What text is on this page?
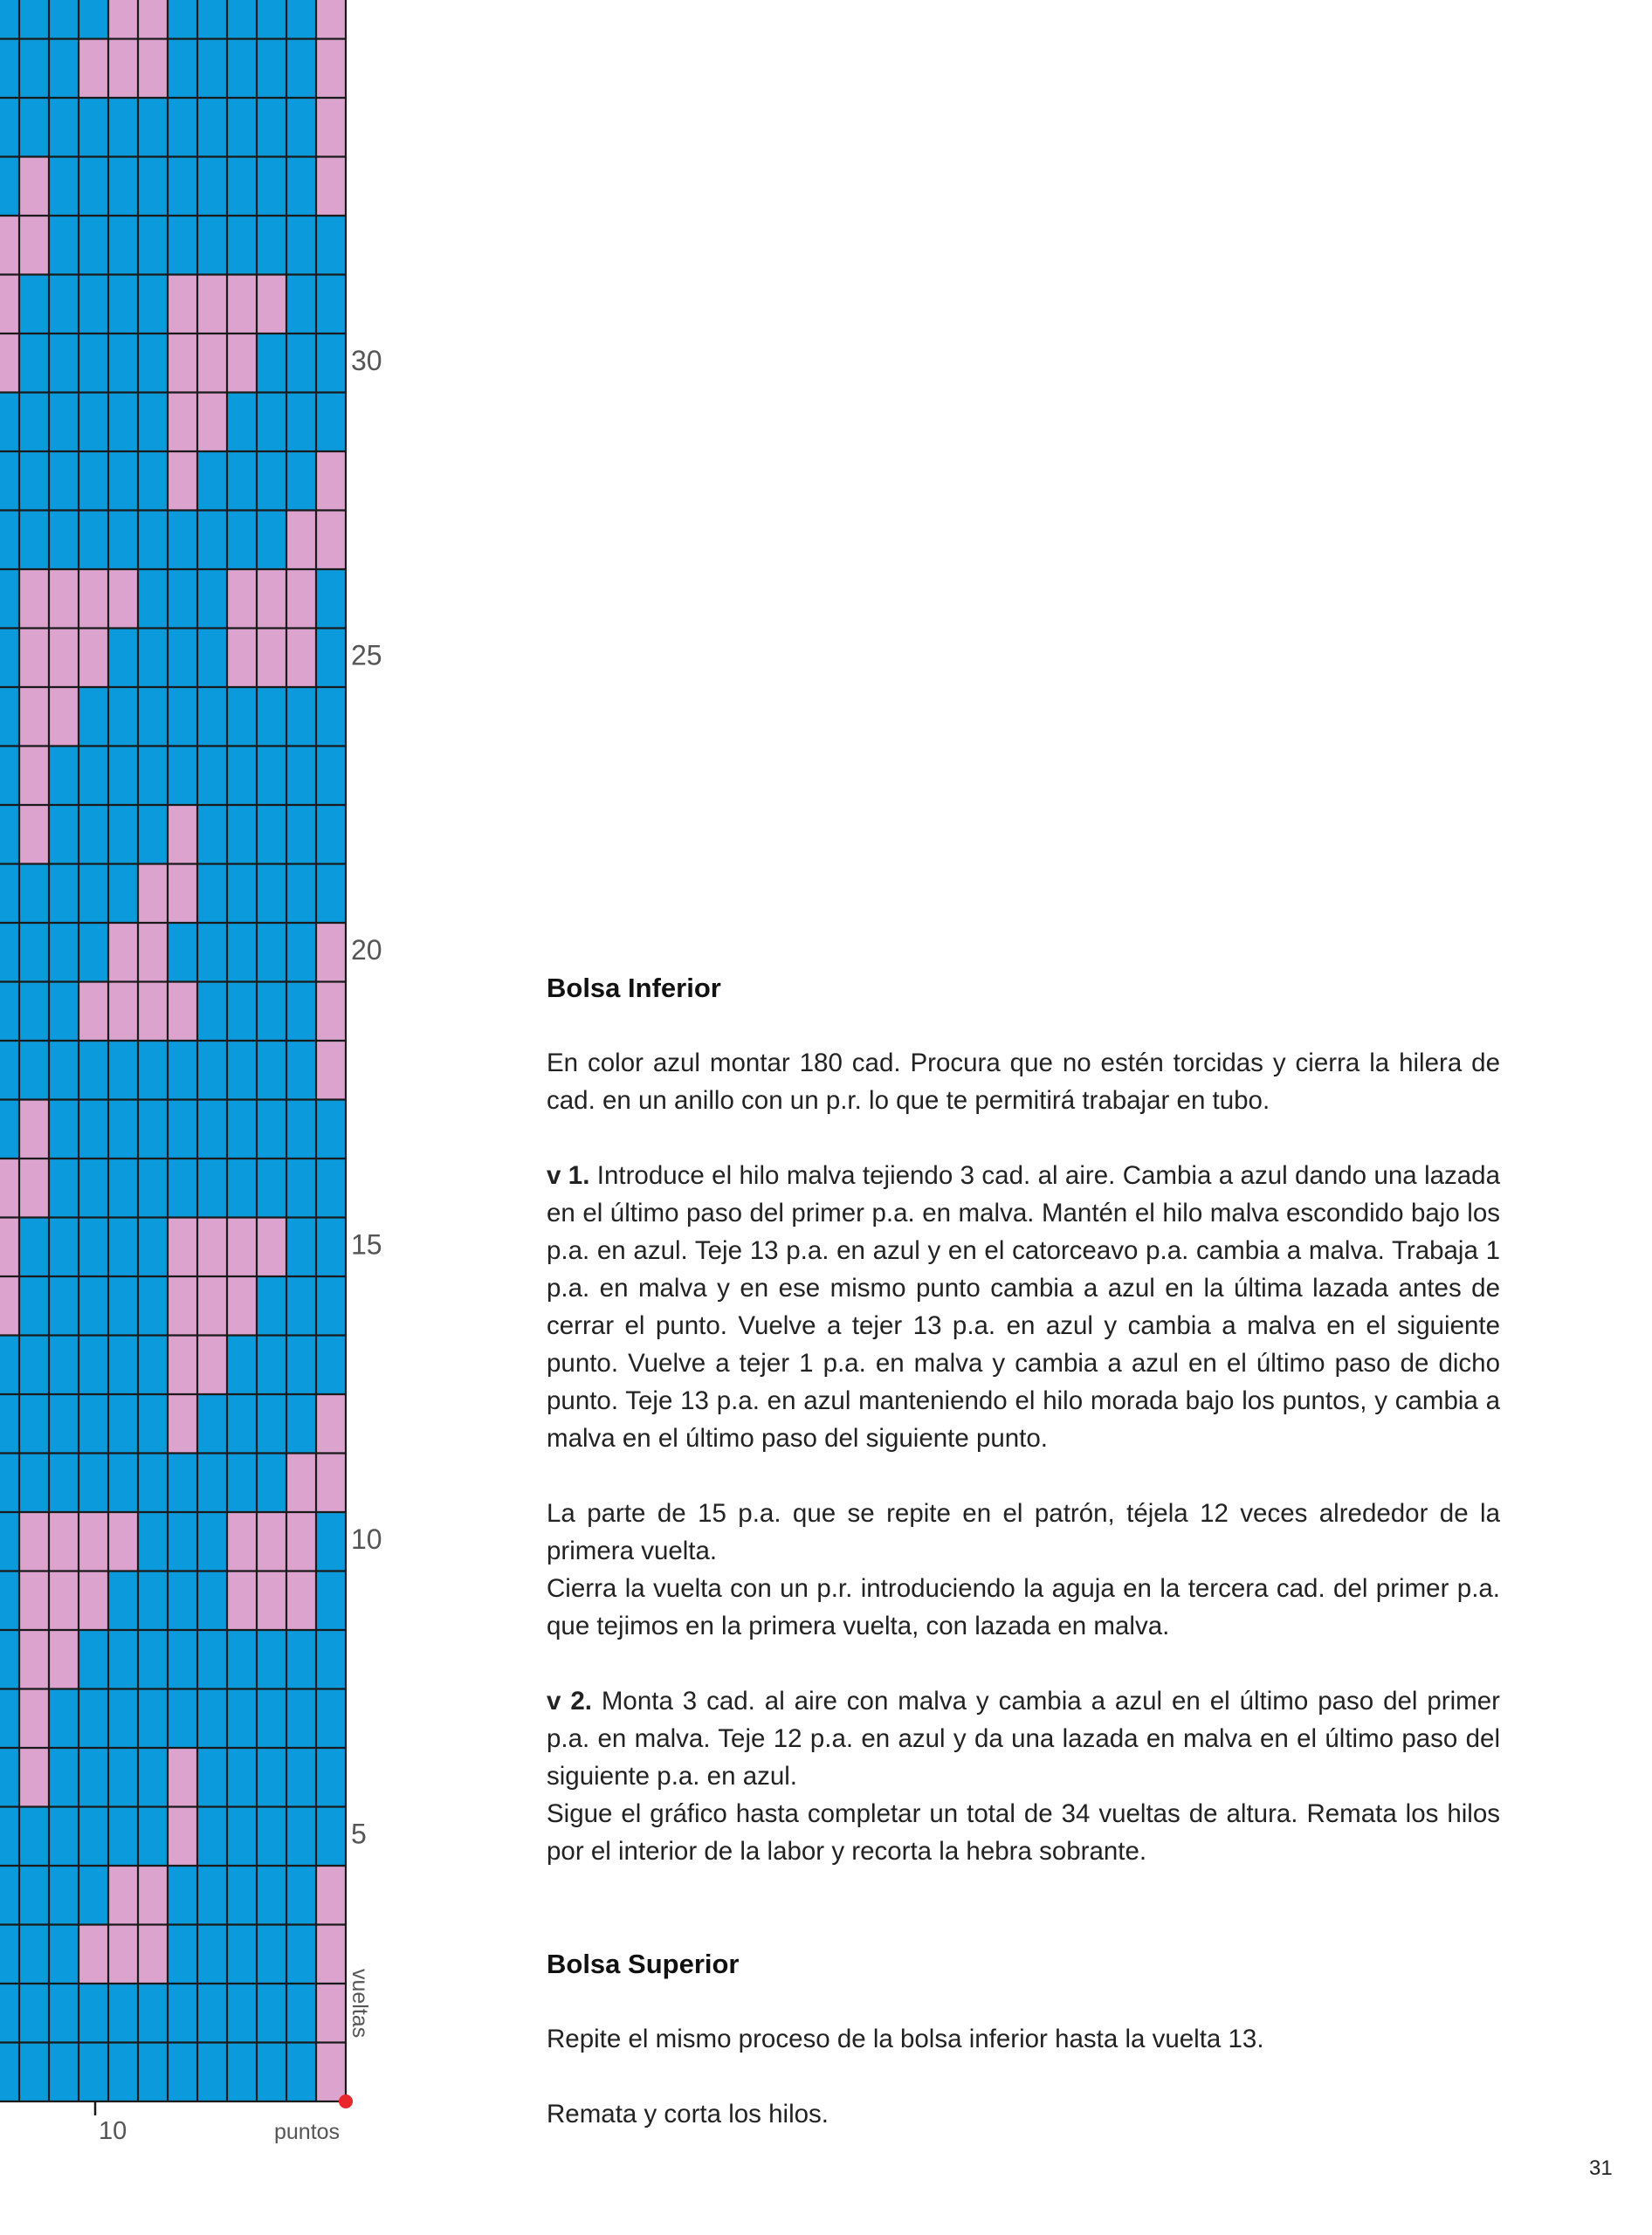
5
10
15
20
25
30
10	puntos
vueltas
Bolsa Inferior

En color azul montar 180 cad. Procura que no estén torcidas y cierra la hilera de cad. en un anillo con un p.r. lo que te permitirá trabajar en tubo.

v 1. Introduce el hilo malva tejiendo 3 cad. al aire. Cambia a azul dando una lazada en el último paso del primer p.a. en malva. Mantén el hilo malva escondido bajo los p.a. en azul. Teje 13 p.a. en azul y en el catorceavo p.a. cambia a malva. Trabaja 1 p.a. en malva y en ese mismo punto cambia a azul en la última lazada antes de cerrar el punto. Vuelve a tejer 13 p.a. en azul y cambia a malva en el siguiente punto. Vuelve a tejer 1 p.a. en malva y cambia a azul en el último paso de dicho punto. Teje 13 p.a. en azul manteniendo el hilo morada bajo los puntos, y cambia a malva en el último paso del siguiente punto.

La parte de 15 p.a. que se repite en el patrón, téjela 12 veces alrededor de la primera vuelta.

Cierra la vuelta con un p.r. introduciendo la aguja en la tercera cad. del primer p.a. que tejimos en la primera vuelta, con lazada en malva.

v 2. Monta 3 cad. al aire con malva y cambia a azul en el último paso del primer p.a. en malva. Teje 12 p.a. en azul y da una lazada en malva en el último paso del siguiente p.a. en azul.

Sigue el gráfico hasta completar un total de 34 vueltas de altura. Remata los hilos por el interior de la labor y recorta la hebra sobrante.

Bolsa Superior

Repite el mismo proceso de la bolsa inferior hasta la vuelta 13.

Remata y corta los hilos.

31
